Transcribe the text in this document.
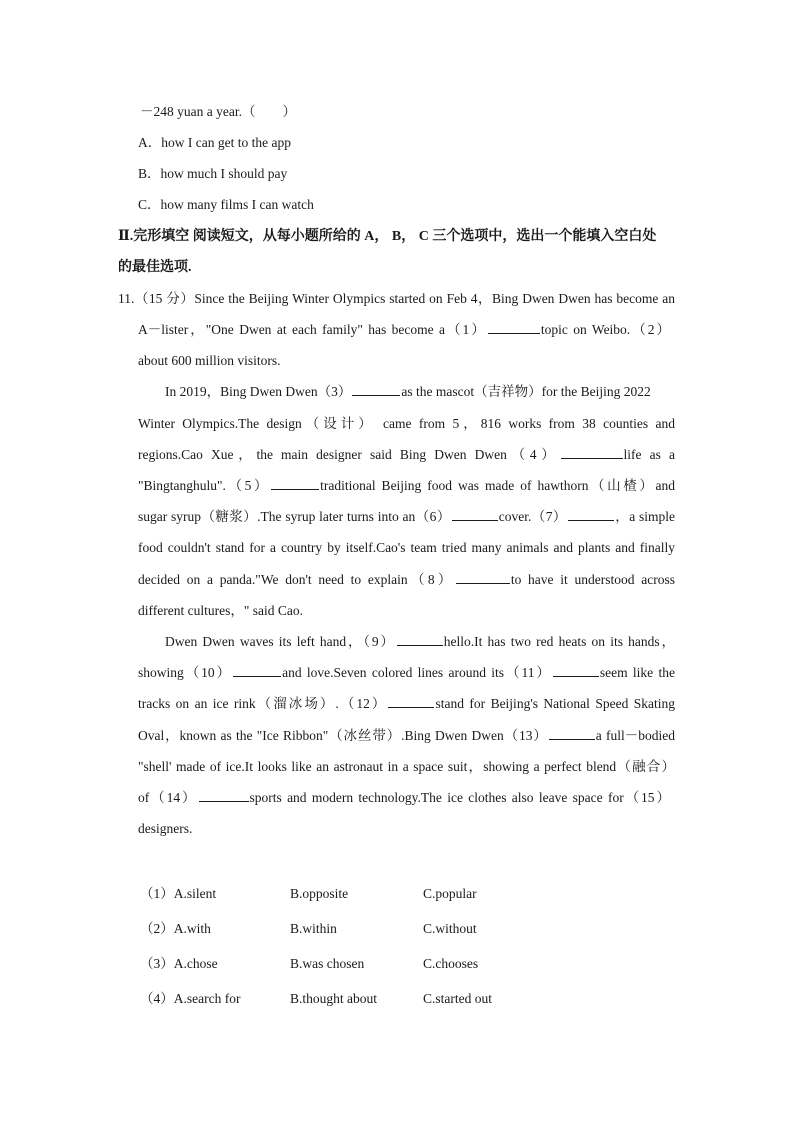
－248 yuan a year.（　　）
A．how I can get to the app
B．how much I should pay
C．how many films I can watch
Ⅱ.完形填空 阅读短文，从每小题所给的 A， B， C 三个选项中，选出一个能填入空白处
的最佳选项.
11.（15 分）Since the Beijing Winter Olympics started on Feb 4，Bing Dwen Dwen has become an
A－lister，"One Dwen at each family" has become a（1）	topic on Weibo.（2）
about 600 million visitors.
In 2019，Bing Dwen Dwen（3）	as the mascot（吉祥物）for the Beijing 2022
Winter Olympics.The design（设计） came from 5，816 works from 38 counties and
regions.Cao Xue，the main designer said Bing Dwen Dwen（4）	life as a
"Bingtanghulu".（5）	traditional Beijing food was made of hawthorn（山楂）and
sugar syrup（糖浆）.The syrup later turns into an（6）	cover.（7）	，a simple
food couldn't stand for a country by itself.Cao's team tried many animals and plants and finally
decided on a panda."We don't need to explain（8）	to have it understood across
different cultures，" said Cao.
Dwen Dwen waves its left hand，（9）	hello.It has two red heats on its hands，
showing（10）	and love.Seven colored lines around its（11）	seem like the
tracks on an ice rink（溜冰场）.（12）	stand for Beijing's National Speed Skating
Oval，known as the "Ice Ribbon"（冰丝带）.Bing Dwen Dwen（13）	a full－bodied
"shell' made of ice.It looks like an astronaut in a space suit，showing a perfect blend（融合）
of（14）	sports and modern technology.The ice clothes also leave space for（15）
designers.
（1）A.silent	B.opposite	C.popular
（2）A.with	B.within	C.without
（3）A.chose	B.was chosen	C.chooses
（4）A.search for	B.thought about	C.started out
